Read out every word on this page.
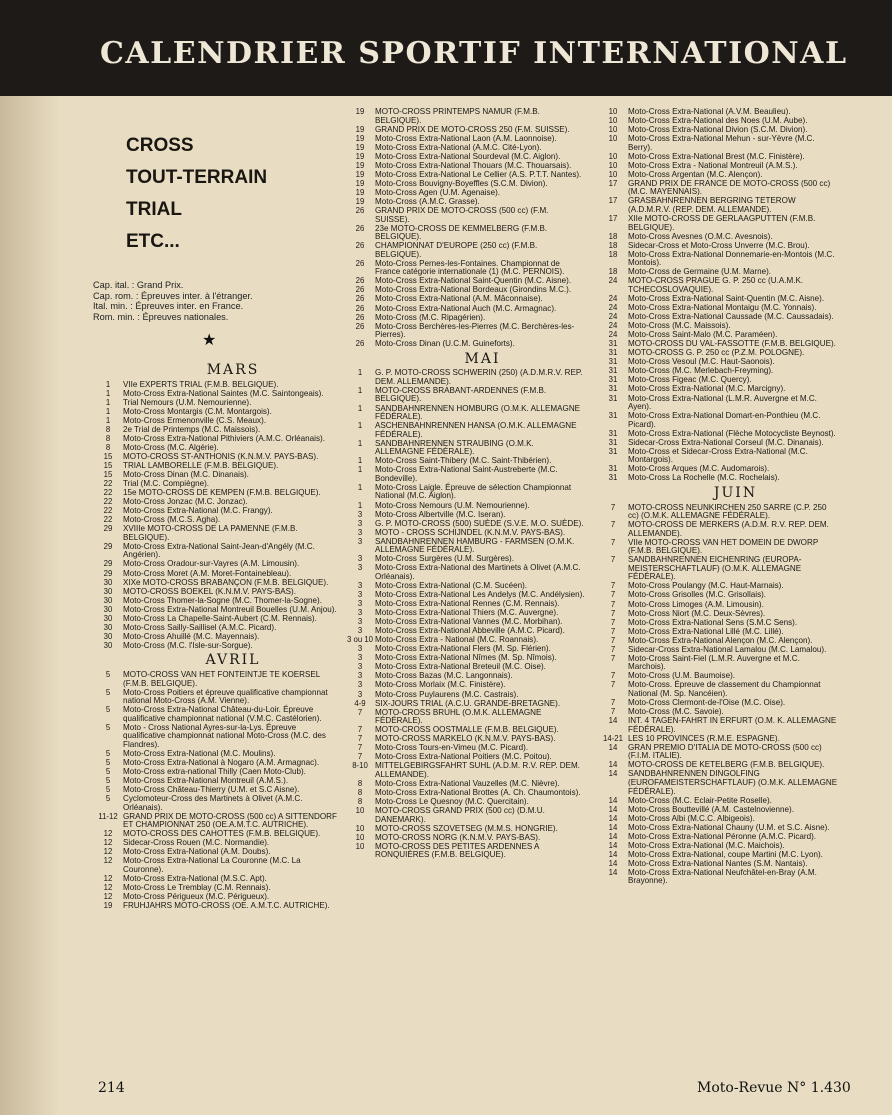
CALENDRIER SPORTIF INTERNATIONAL
CROSS
TOUT-TERRAIN
TRIAL
ETC...
Cap. ital. : Grand Prix.
Cap. rom. : Épreuves inter. à l'étranger.
Ital. min. : Épreuves inter. en France.
Rom. min. : Épreuves nationales.
★
MARS
1	VIIe EXPERTS TRIAL (F.M.B. BELGIQUE).
1	Moto-Cross Extra-National Saintes (M.C. Saintongeais).
1	Trial Nemours (U.M. Nemourienne).
1	Moto-Cross Montargis (C.M. Montargois).
1	Moto-Cross Ermenonville (C.S. Meaux).
8	2e Trial de Printemps (M.C. Maissois).
8	Moto-Cross Extra-National Pithiviers (A.M.C. Orléanais).
8	Moto-Cross (M.C. Algérie).
15	MOTO-CROSS ST-ANTHONIS (K.N.M.V. PAYS-BAS).
15	TRIAL LAMBORELLE (F.M.B. BELGIQUE).
15	Moto-Cross Dinan (M.C. Dinanais).
22	Trial (M.C. Compiègne).
22	15e MOTO-CROSS DE KEMPEN (F.M.B. BELGIQUE).
22	Moto-Cross Jonzac (M.C. Jonzac).
22	Moto-Cross Extra-National (M.C. Frangy).
22	Moto-Cross (M.C.S. Agha).
29	XVIIIe MOTO-CROSS DE LA PAMENNE (F.M.B. BELGIQUE).
29	Moto-Cross Extra-National Saint-Jean-d'Angély (M.C. Angérien).
29	Moto-Cross Oradour-sur-Vayres (A.M. Limousin).
29	Moto-Cross Moret (A.M. Moret-Fontainebleau).
30	XIXe MOTO-CROSS BRABANÇON (F.M.B. BELGIQUE).
30	MOTO-CROSS BOEKEL (K.N.M.V. PAYS-BAS).
30	Moto-Cross Thomer-la-Sogne (M.C. Thomer-la-Sogne).
30	Moto-Cross Extra-National Montreuil Bouelles (U.M. Anjou).
30	Moto-Cross La Chapelle-Saint-Aubert (C.M. Rennais).
30	Moto-Cross Sailly-Saillisel (A.M.C. Picard).
30	Moto-Cross Ahuillé (M.C. Mayennais).
30	Moto-Cross (M.C. l'Isle-sur-Sorgue).
AVRIL
5	MOTO-CROSS VAN HET FONTEINTJE TE KOERSEL (F.M.B. BELGIQUE).
5	Moto-Cross Poitiers et épreuve qualificative championnat national Moto-Cross (A.M. Vienne).
5	Moto-Cross Extra-National Château-du-Loir. Épreuve qualificative championnat national (V.M.C. Castélorien).
5	Moto - Cross National Ayres-sur-la-Lys. Épreuve qualificative championnat national Moto-Cross (M.C. des Flandres).
5	Moto-Cross Extra-National (M.C. Moulins).
5	Moto-Cross Extra-National à Nogaro (A.M. Armagnac).
5	Moto-Cross extra-national Thilly (Caen Moto-Club).
5	Moto-Cross Extra-National Montreuil (A.M.S.).
5	Moto-Cross Château-Thierry (U.M. et S.C Aisne).
5	Cyclomoteur-Cross des Martinets à Olivet (A.M.C. Orléanais).
11-12 GRAND PRIX DE MOTO-CROSS (500 cc) A SITTENDORF ET CHAMPIONNAT 250 (OE.A.M.T.C. AUTRICHE).
12	MOTO-CROSS DES CAHOTTES (F.M.B. BELGIQUE).
12	Sidecar-Cross Rouen (M.C. Normandie).
12	Moto-Cross Extra-National (A.M. Doubs).
12	Moto-Cross Extra-National La Couronne (M.C. La Couronne).
12	Moto-Cross Extra-National (M.S.C. Apt).
12	Moto-Cross Le Tremblay (C.M. Rennais).
12	Moto-Cross Périgueux (M.C. Périgueux).
19	FRUHJAHRS MOTO-CROSS (OE. A.M.T.C. AUTRICHE).
19	MOTO-CROSS PRINTEMPS NAMUR (F.M.B. BELGIQUE).
19	GRAND PRIX DE MOTO-CROSS 250 (F.M. SUISSE).
19	Moto-Cross Extra-National Laon (A.M. Laonnoise).
19	Moto-Cross Extra-National (A.M.C. Cité-Lyon).
19	Moto-Cross Extra-National Sourdeval (M.C. Aiglon).
19	Moto-Cross Extra-National Thouars (M.C. Thouarsais).
19	Moto-Cross Extra-National Le Cellier (A.S. P.T.T. Nantes).
19	Moto-Cross Bouvigny-Boyeffles (S.C.M. Divion).
19	Moto-Cross Agen (U.M. Agenaise).
19	Moto-Cross (A.M.C. Grasse).
26	GRAND PRIX DE MOTO-CROSS (500 cc) (F.M. SUISSE).
26	23e MOTO-CROSS DE KEMMELBERG (F.M.B. BELGIQUE).
26	CHAMPIONNAT D'EUROPE (250 cc) (F.M.B. BELGIQUE).
26	Moto-Cross Pernes-les-Fontaines. Championnat de France catégorie internationale (1) (M.C. PERNOIS).
26	Moto-Cross Extra-National Saint-Quentin (M.C. Aisne).
26	Moto-Cross Extra-National Bordeaux (Girondins M.C.).
26	Moto-Cross Extra-National (A.M. Mâconnaise).
26	Moto-Cross Extra-National Auch (M.C. Armagnac).
26	Moto-Cross (M.C. Ripagérien).
26	Moto-Cross Berchères-les-Pierres (M.C. Berchères-les-Pierres).
26	Moto-Cross Dinan (U.C.M. Guineforts).
MAI
1	G. P. MOTO-CROSS SCHWERIN (250) (A.D.M.R.V. REP. DEM. ALLEMANDE).
1	MOTO-CROSS BRABANT-ARDENNES (F.M.B. BELGIQUE).
1	SANDBAHNRENNEN HOMBURG (O.M.K. ALLEMAGNE FÉDÉRALE).
1	ASCHENBAHNRENNEN HANSA (O.M.K. ALLEMAGNE FÉDÉRALE).
1	SANDBAHNRENNEN STRAUBING (O.M.K. ALLEMAGNE FÉDÉRALE).
1	Moto-Cross Saint-Thibery (M.C. Saint-Thibérien).
1	Moto-Cross Extra-National Saint-Austreberte (M.C. Bondeville).
1	Moto-Cross Laigle. Épreuve de sélection Championnat National (M.C. Aiglon).
1	Moto-Cross Nemours (U.M. Nemourienne).
3	Moto-Cross Albertville (M.C. Iseran).
3	G. P. MOTO-CROSS (500) SUÈDE (S.V.E. M.O. SUÈDE).
3	MOTO - CROSS SCHIJNDEL (K.N.M.V. PAYS-BAS).
3	SANDBAHNRENNEN HAMBURG - FARMSEN (O.M.K. ALLEMAGNE FÉDÉRALE).
3	Moto-Cross Surgères (U.M. Surgères).
3	Moto-Cross Extra-National des Martinets à Olivet (A.M.C. Orléanais).
3	Moto-Cross Extra-National (C.M. Sucéen).
3	Moto-Cross Extra-National Les Andelys (M.C. Andélysien).
3	Moto-Cross Extra-National Rennes (C.M. Rennais).
3	Moto-Cross Extra-National Thiers (M.C. Auvergne).
3	Moto-Cross Extra-National Vannes (M.C. Morbihan).
3	Moto-Cross Extra-National Abbeville (A.M.C. Picard).
3 ou 10 Moto-Cross Extra - National (M.C. Roannais).
3	Moto-Cross Extra-National Flers (M. Sp. Flérien).
3	Moto-Cross Extra-National Nîmes (M. Sp. Nîmois).
3	Moto-Cross Extra-National Breteuil (M.C. Oise).
3	Moto-Cross Bazas (M.C. Langonnais).
3	Moto-Cross Morlaix (M.C. Finistère).
3	Moto-Cross Puylaurens (M.C. Castrais).
4-9	SIX-JOURS TRIAL (A.C.U. GRANDE-BRETAGNE).
7	MOTO-CROSS BRUHL (O.M.K. ALLEMAGNE FÉDÉRALE).
7	MOTO-CROSS OOSTMALLE (F.M.B. BELGIQUE).
7	MOTO-CROSS MARKELO (K.N.M.V. PAYS-BAS).
7	Moto-Cross Tours-en-Vimeu (M.C. Picard).
7	Moto-Cross Extra-National Poitiers (M.C. Poitou).
8-10 MITTELGEBIRGSFAHRT SUHL (A.D.M. R.V. REP. DEM. ALLEMANDE).
8	Moto-Cross Extra-National Vauzelles (M.C. Nièvre).
8	Moto-Cross Extra-National Brottes (A. Ch. Chaumontois).
8	Moto-Cross Le Quesnoy (M.C. Quercitain).
10	MOTO-CROSS GRAND PRIX (500 cc) (D.M.U. DANEMARK).
10	MOTO-CROSS SZOVETSEG (M.M.S. HONGRIE).
10	MOTO-CROSS NORG (K.N.M.V. PAYS-BAS).
10	MOTO-CROSS DES PETITES ARDENNES A RONQUIÈRES (F.M.B. BELGIQUE).
10	Moto-Cross Extra-National (A.V.M. Beaulieu).
10	Moto-Cross Extra-National des Noes (U.M. Aube).
10	Moto-Cross Extra-National Divion (S.C.M. Divion).
10	Moto-Cross Extra-National Mehun - sur-Yèvre (M.C. Berry).
10	Moto-Cross Extra-National Brest (M.C. Finistère).
10	Moto-Cross Extra - National Montreuil (A.M.S.).
10	Moto-Cross Argentan (M.C. Alençon).
17	GRAND PRIX DE FRANCE DE MOTO-CROSS (500 cc) (M.C. MAYENNAIS).
17	GRASBAHNRENNEN BERGRING TETEROW (A.D.M.R.V. (REP. DEM. ALLEMANDE).
17	XIIe MOTO-CROSS DE GERLAAGPUTTEN (F.M.B. BELGIQUE).
18	Moto-Cross Avesnes (O.M.C. Avesnois).
18	Sidecar-Cross et Moto-Cross Unverre (M.C. Brou).
18	Moto-Cross Extra-National Donnemarie-en-Montois (M.C. Montois).
18	Moto-Cross de Germaine (U.M. Marne).
24	MOTO-CROSS PRAGUE G. P. 250 cc (U.A.M.K. TCHECOSLOVAQUIE).
24	Moto-Cross Extra-National Saint-Quentin (M.C. Aisne).
24	Moto-Cross Extra-National Montaigu (M.C. Yonnais).
24	Moto-Cross Extra-National Caussade (M.C. Caussadais).
24	Moto-Cross (M.C. Maissois).
24	Moto-Cross Saint-Malo (M.C. Paraméen).
31	MOTO-CROSS DU VAL-FASSOTTE (F.M.B. BELGIQUE).
31	MOTO-CROSS G. P. 250 cc (P.Z.M. POLOGNE).
31	Moto-Cross Vesoul (M.C. Haut-Saonois).
31	Moto-Cross (M.C. Merlebach-Freyming).
31	Moto-Cross Figeac (M.C. Quercy).
31	Moto-Cross Extra-National (M.C. Marcigny).
31	Moto-Cross Extra-National (L.M.R. Auvergne et M.C. Ayen).
31	Moto-Cross Extra-National Domart-en-Ponthieu (M.C. Picard).
31	Moto-Cross Extra-National (Flèche Motocycliste Beynost).
31	Sidecar-Cross Extra-National Corseul (M.C. Dinanais).
31	Moto-Cross et Sidecar-Cross Extra-National (M.C. Montargois).
31	Moto-Cross Arques (M.C. Audomarois).
31	Moto-Cross La Rochelle (M.C. Rochelais).
JUIN
7	MOTO-CROSS NEUNKIRCHEN 250 SARRE (C.P. 250 cc) (O.M.K. ALLEMAGNE FÉDÉRALE).
7	MOTO-CROSS DE MERKERS (A.D.M. R.V. REP. DEM. ALLEMANDE).
7	VIIe MOTO-CROSS VAN HET DOMEIN DE DWORP (F.M.B. BELGIQUE).
7	SANDBAHNRENNEN EICHENRING (EUROPA-MEISTERSCHAFTLAUF) (O.M.K. ALLEMAGNE FÉDÉRALE).
7	Moto-Cross Poulangy (M.C. Haut-Marnais).
7	Moto-Cross Grisolles (M.C. Grisollais).
7	Moto-Cross Limoges (A.M. Limousin).
7	Moto-Cross Niort (M.C. Deux-Sèvres).
7	Moto-Cross Extra-National Sens (S.M.C Sens).
7	Moto-Cross Extra-National Lillé (M.C. Lillé).
7	Moto-Cross Extra-National Alençon (M.C. Alençon).
7	Sidecar-Cross Extra-National Lamalou (M.C. Lamalou).
7	Moto-Cross Saint-Fiel (L.M.R. Auvergne et M.C. Marchois).
7	Moto-Cross (U.M. Baumoise).
7	Moto-Cross. Épreuve de classement du Championnat National (M. Sp. Nancéien).
7	Moto-Cross Clermont-de-l'Oise (M.C. Oise).
7	Moto-Cross (M.C. Savoie).
14	INT. 4 TAGEN-FAHRT IN ERFURT (O.M. K. ALLEMAGNE FÉDÉRALE).
14-21 LES 10 PROVINCES (R.M.E. ESPAGNE).
14	GRAN PREMIO D'ITALIA DE MOTO-CROSS (500 cc) (F.I.M. ITALIE).
14	MOTO-CROSS DE KETELBERG (F.M.B. BELGIQUE).
14	SANDBAHNRENNEN DINGOLFING (EUROFAMEISTERSCHAFTLAUF) (O.M.K. ALLEMAGNE FÉDÉRALE).
14	Moto-Cross (M.C. Eclair-Petite Roselle).
14	Moto-Cross Bouttevillé (A.M. Castelnovienne).
14	Moto-Cross Albi (M.C.C. Albigeois).
14	Moto-Cross Extra-National Chauny (U.M. et S.C. Aisne).
14	Moto-Cross Extra-National Péronne (A.M.C. Picard).
14	Moto-Cross Extra-National (M.C. Maichois).
14	Moto-Cross Extra-National, coupe Martini (M.C. Lyon).
14	Moto-Cross Extra-National Nantes (S.M. Nantais).
14	Moto-Cross Extra-National Neufchâtel-en-Bray (A.M. Brayonne).
214	Moto-Revue N° 1.430
